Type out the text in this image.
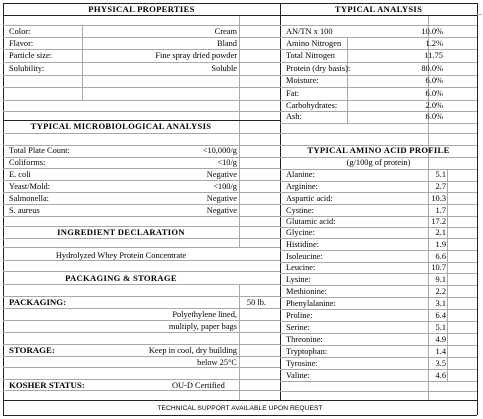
PHYSICAL PROPERTIES
Color:	Cream
Flavor:	Bland
Particle size:	Fine spray dried powder
Solubility:	Soluble
TYPICAL ANALYSIS
AN/TN x 100	10.0%
Amino Nitrogen	1.2%
Total Nitrogen	11.75
Protein (dry basis):	80.0%
Moisture:	6.0%
Fat:	6.0%
Carbohydrates:	2.0%
Ash:	6.0%
TYPICAL MICROBIOLOGICAL ANALYSIS
Total Plate Count:	<10,000/g
Coliforms:	<10/g
E. coli	Negative
Yeast/Mold:	<100/g
Salmonella:	Negative
S. aureus	Negative
INGREDIENT DECLARATION
Hydrolyzed Whey Protein Concentrate
PACKAGING & STORAGE
PACKAGING:	50 lb.
Polyethylene lined,
multiply, paper bags
STORAGE:	Keep in cool, dry building
below 25°C
KOSHER STATUS:	OU-D Certified
TYPICAL AMINO ACID PROFILE
(g/100g of protein)
Alanine:	5.1
Arginine:	2.7
Aspartic acid:	10.3
Cystine:	1.7
Glutamic acid:	17.2
Glycine:	2.1
Histidine:	1.9
Isoleucine:	6.6
Leucine:	10.7
Lysine:	9.1
Methionine:	2.2
Phenylalanine:	3.1
Proline:	6.4
Serine:	5.1
Threonine:	4.9
Tryptophan:	1.4
Tyrosine:	3.5
Valine:	4.6
TECHNICAL SUPPORT AVAILABLE UPON REQUEST
